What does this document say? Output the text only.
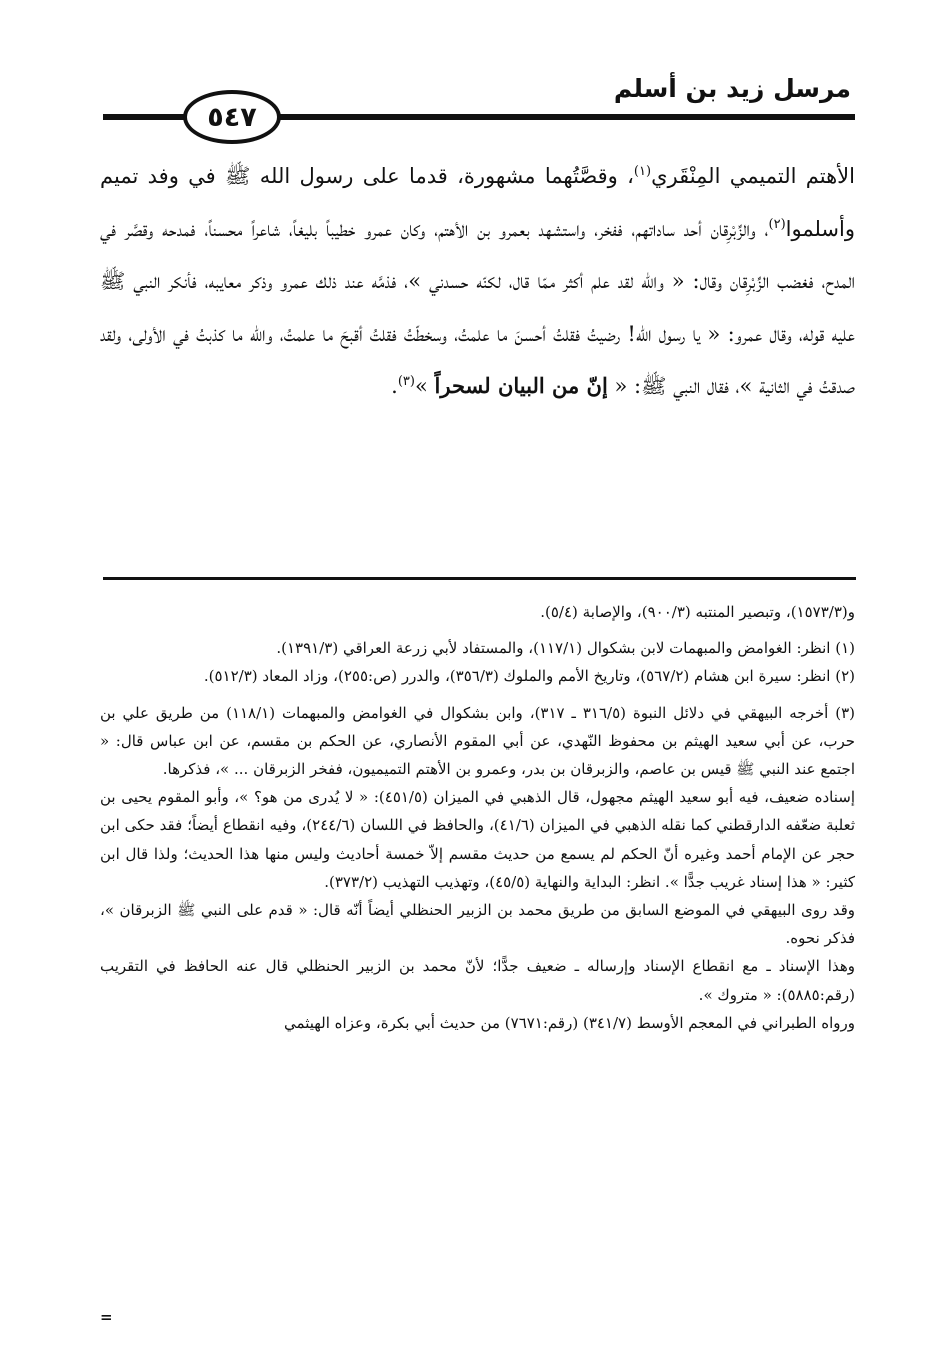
مرسل زيد بن أسلم
٥٤٧
الأهتم التميمي المِنْقَري$^{(١)}$، وقصَّتُهما مشهورة، قدما على رسول الله ﷺ في وفد تميم وأسلموا$^{(٢)}$، والزِّبْرِقان أحد ساداتهم، ففخر، واستشهد بعمرو بن الأهتم، وكان عمرو خطيباً بليغاً، شاعراً محسناً، فمدحه وقصَّر في المدح، فغضب الزِّبْرِقان وقال: « والله لقد علم أكثر ممّا قال، لكنّه حسدني »، فذمَّه عند ذلك عمرو وذكر معايبه، فأنكر النبي ﷺ عليه قوله، وقال عمرو: « يا رسول الله! رضيتُ فقلتُ أحسنَ ما علمتُ، وسخطّتُ فقلتُ أقبحَ ما علمتُ، والله ما كذبتُ في الأولى، ولقد صدقتُ في الثانية »، فقال النبي ﷺ: « إنّ من البيان لسحراً »$^{(٣)}$.

و(١٥٧٣/٣)، وتبصير المنتبه (٩٠٠/٣)، والإصابة (٥/٤).

(١) انظر: الغوامض والمبهمات لابن بشكوال (١١٧/١)، والمستفاد لأبي زرعة العراقي (١٣٩١/٣).

(٢) انظر: سيرة ابن هشام (٥٦٧/٢)، وتاريخ الأمم والملوك (٣٥٦/٣)، والدرر (ص:٢٥٥)، وزاد المعاد (٥١٢/٣).

(٣) أخرجه البيهقي في دلائل النبوة (٣١٦/٥ ـ ٣١٧)، وابن بشكوال في الغوامض والمبهمات (١١٨/١) من طريق علي بن حرب، عن أبي سعيد الهيثم بن محفوظ النّهدي، عن أبي المقوم الأنصاري، عن الحكم بن مقسم، عن ابن عباس قال: « اجتمع عند النبي ﷺ قيس بن عاصم، والزبرقان بن بدر، وعمرو بن الأهتم التميميون، ففخر الزبرقان ... »، فذكرها.

إسناده ضعيف، فيه أبو سعيد الهيثم مجهول، قال الذهبي في الميزان (٤٥١/٥): « لا يُدرى من هو؟ »، وأبو المقوم يحيى بن ثعلبة ضعّفه الدارقطني كما نقله الذهبي في الميزان (٤١/٦)، والحافظ في اللسان (٢٤٤/٦)، وفيه انقطاع أيضاً؛ فقد حكى ابن حجر عن الإمام أحمد وغيره أنّ الحكم لم يسمع من حديث مقسم إلاّ خمسة أحاديث وليس منها هذا الحديث؛ ولذا قال ابن كثير: « هذا إسناد غريب جدًّا ». انظر: البداية والنهاية (٤٥/٥)، وتهذيب التهذيب (٣٧٣/٢).

وقد روى البيهقي في الموضع السابق من طريق محمد بن الزبير الحنظلي أيضاً أنّه قال: « قدم على النبي ﷺ الزبرقان »، فذكر نحوه.

وهذا الإسناد ـ مع انقطاع الإسناد وإرساله ـ ضعيف جدًّا؛ لأنّ محمد بن الزبير الحنظلي قال عنه الحافظ في التقريب (رقم:٥٨٨٥): « متروك ».

ورواه الطبراني في المعجم الأوسط (٣٤١/٧) (رقم:٧٦٧١) من حديث أبي بكرة، وعزاه الهيثمي

=
